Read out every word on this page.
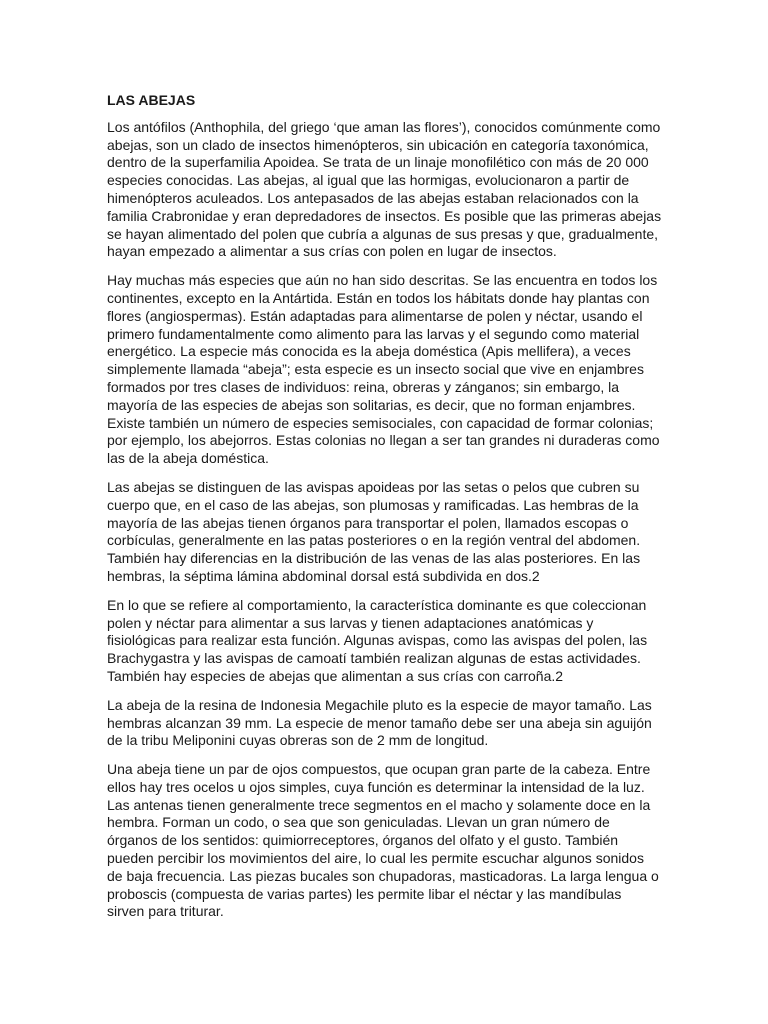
LAS ABEJAS

Los antófilos (Anthophila, del griego ‘que aman las flores’), conocidos comúnmente como abejas, son un clado de insectos himenópteros, sin ubicación en categoría taxonómica, dentro de la superfamilia Apoidea. Se trata de un linaje monofilético con más de 20 000 especies conocidas. Las abejas, al igual que las hormigas, evolucionaron a partir de himenópteros aculeados. Los antepasados de las abejas estaban relacionados con la familia Crabronidae y eran depredadores de insectos. Es posible que las primeras abejas se hayan alimentado del polen que cubría a algunas de sus presas y que, gradualmente, hayan empezado a alimentar a sus crías con polen en lugar de insectos.

Hay muchas más especies que aún no han sido descritas. Se las encuentra en todos los continentes, excepto en la Antártida. Están en todos los hábitats donde hay plantas con flores (angiospermas). Están adaptadas para alimentarse de polen y néctar, usando el primero fundamentalmente como alimento para las larvas y el segundo como material energético. La especie más conocida es la abeja doméstica (Apis mellifera), a veces simplemente llamada “abeja”; esta especie es un insecto social que vive en enjambres formados por tres clases de individuos: reina, obreras y zánganos; sin embargo, la mayoría de las especies de abejas son solitarias, es decir, que no forman enjambres. Existe también un número de especies semisociales, con capacidad de formar colonias; por ejemplo, los abejorros. Estas colonias no llegan a ser tan grandes ni duraderas como las de la abeja doméstica.

Las abejas se distinguen de las avispas apoideas por las setas o pelos que cubren su cuerpo que, en el caso de las abejas, son plumosas y ramificadas. Las hembras de la mayoría de las abejas tienen órganos para transportar el polen, llamados escopas o corbículas, generalmente en las patas posteriores o en la región ventral del abdomen. También hay diferencias en la distribución de las venas de las alas posteriores. En las hembras, la séptima lámina abdominal dorsal está subdivida en dos.2

En lo que se refiere al comportamiento, la característica dominante es que coleccionan polen y néctar para alimentar a sus larvas y tienen adaptaciones anatómicas y fisiológicas para realizar esta función. Algunas avispas, como las avispas del polen, las Brachygastra y las avispas de camoatí también realizan algunas de estas actividades. También hay especies de abejas que alimentan a sus crías con carroña.2

La abeja de la resina de Indonesia Megachile pluto es la especie de mayor tamaño. Las hembras alcanzan 39 mm. La especie de menor tamaño debe ser una abeja sin aguijón de la tribu Meliponini cuyas obreras son de 2 mm de longitud.

Una abeja tiene un par de ojos compuestos, que ocupan gran parte de la cabeza. Entre ellos hay tres ocelos u ojos simples, cuya función es determinar la intensidad de la luz. Las antenas tienen generalmente trece segmentos en el macho y solamente doce en la hembra. Forman un codo, o sea que son geniculadas. Llevan un gran número de órganos de los sentidos: quimiorreceptores, órganos del olfato y el gusto. También pueden percibir los movimientos del aire, lo cual les permite escuchar algunos sonidos de baja frecuencia. Las piezas bucales son chupadoras, masticadoras. La larga lengua o proboscis (compuesta de varias partes) les permite libar el néctar y las mandíbulas sirven para triturar.
